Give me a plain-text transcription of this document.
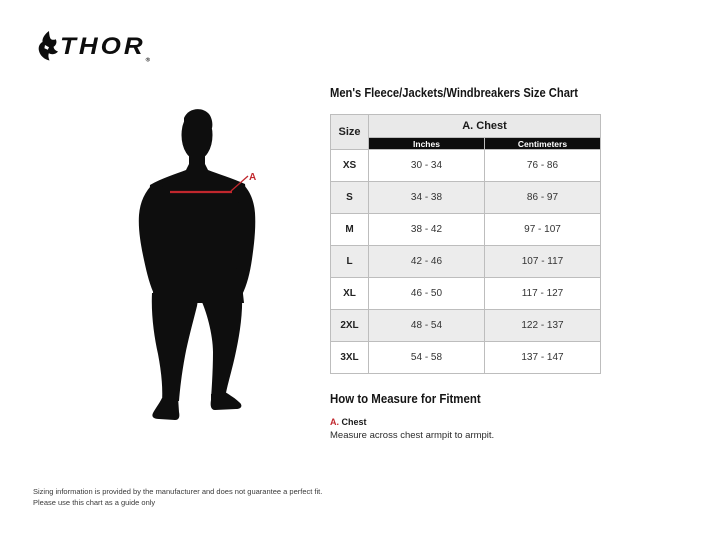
$THOR_®$
A
Men's Fleece/Jackets/Windbreakers Size Chart
Size	A. Chest	
	Inches	Centimeters
XS	30 - 34	76 - 86
S	34 - 38	86 - 97
M	38 - 42	97 - 107
L	42 - 46	107 - 117
XL	46 - 50	117 - 127
2XL	48 - 54	122 - 137
3XL	54 - 58	137 - 147
How to Measure for Fitment
A. Chest
Measure across chest armpit to armpit.
Sizing information is provided by the manufacturer and does not guarantee a perfect fit.
Please use this chart as a guide only
